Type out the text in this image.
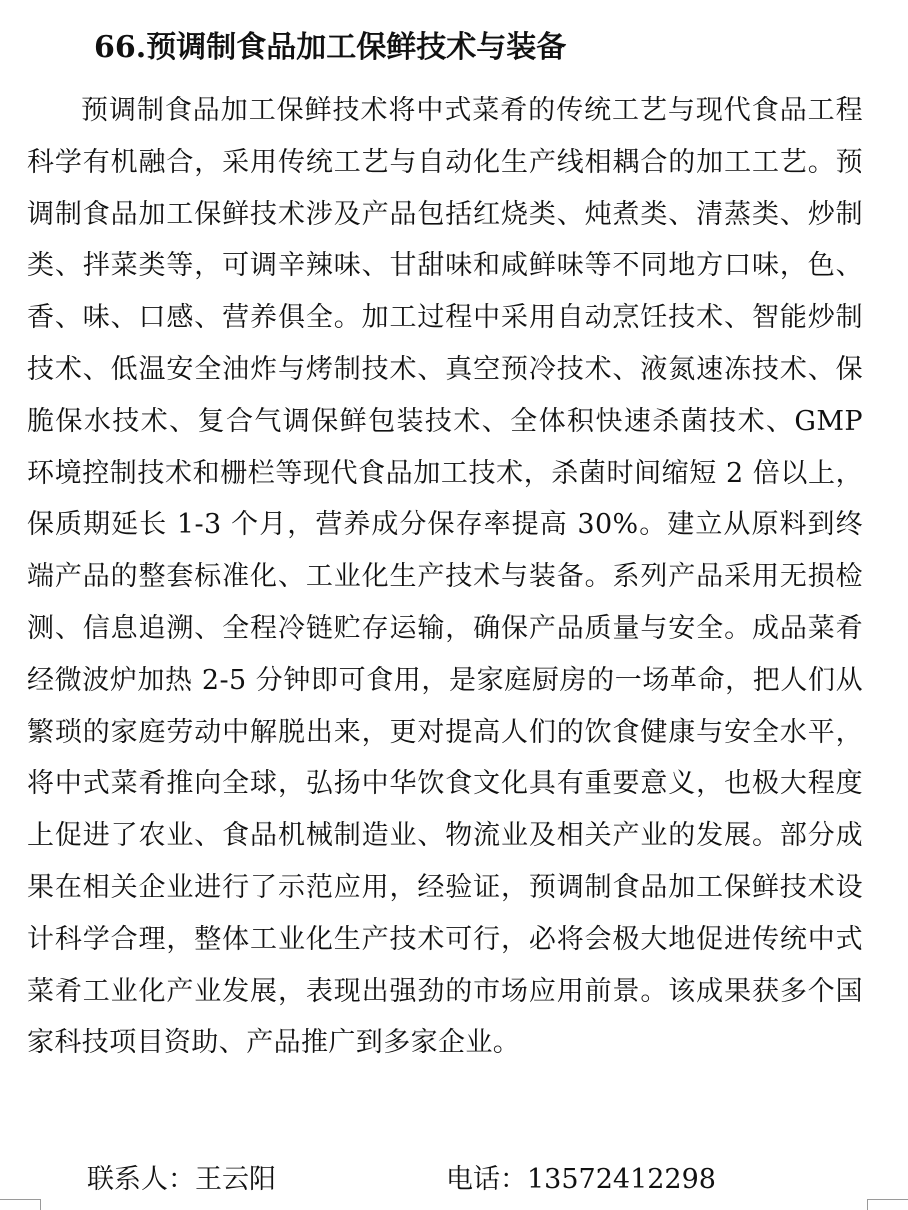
66.预调制食品加工保鲜技术与装备

预调制食品加工保鲜技术将中式菜肴的传统工艺与现代食品工程科学有机融合，采用传统工艺与自动化生产线相耦合的加工工艺。预调制食品加工保鲜技术涉及产品包括红烧类、炖煮类、清蒸类、炒制类、拌菜类等，可调辛辣味、甘甜味和咸鲜味等不同地方口味，色、香、味、口感、营养俱全。加工过程中采用自动烹饪技术、智能炒制技术、低温安全油炸与烤制技术、真空预冷技术、液氮速冻技术、保脆保水技术、复合气调保鲜包装技术、全体积快速杀菌技术、GMP 环境控制技术和栅栏等现代食品加工技术，杀菌时间缩短 2 倍以上，保质期延长 1-3 个月，营养成分保存率提高 30%。建立从原料到终端产品的整套标准化、工业化生产技术与装备。系列产品采用无损检测、信息追溯、全程冷链贮存运输，确保产品质量与安全。成品菜肴经微波炉加热 2-5 分钟即可食用，是家庭厨房的一场革命，把人们从繁琐的家庭劳动中解脱出来，更对提高人们的饮食健康与安全水平，将中式菜肴推向全球，弘扬中华饮食文化具有重要意义，也极大程度上促进了农业、食品机械制造业、物流业及相关产业的发展。部分成果在相关企业进行了示范应用，经验证，预调制食品加工保鲜技术设计科学合理，整体工业化生产技术可行，必将会极大地促进传统中式菜肴工业化产业发展，表现出强劲的市场应用前景。该成果获多个国家科技项目资助、产品推广到多家企业。

联系人：王云阳	电话：13572412298
